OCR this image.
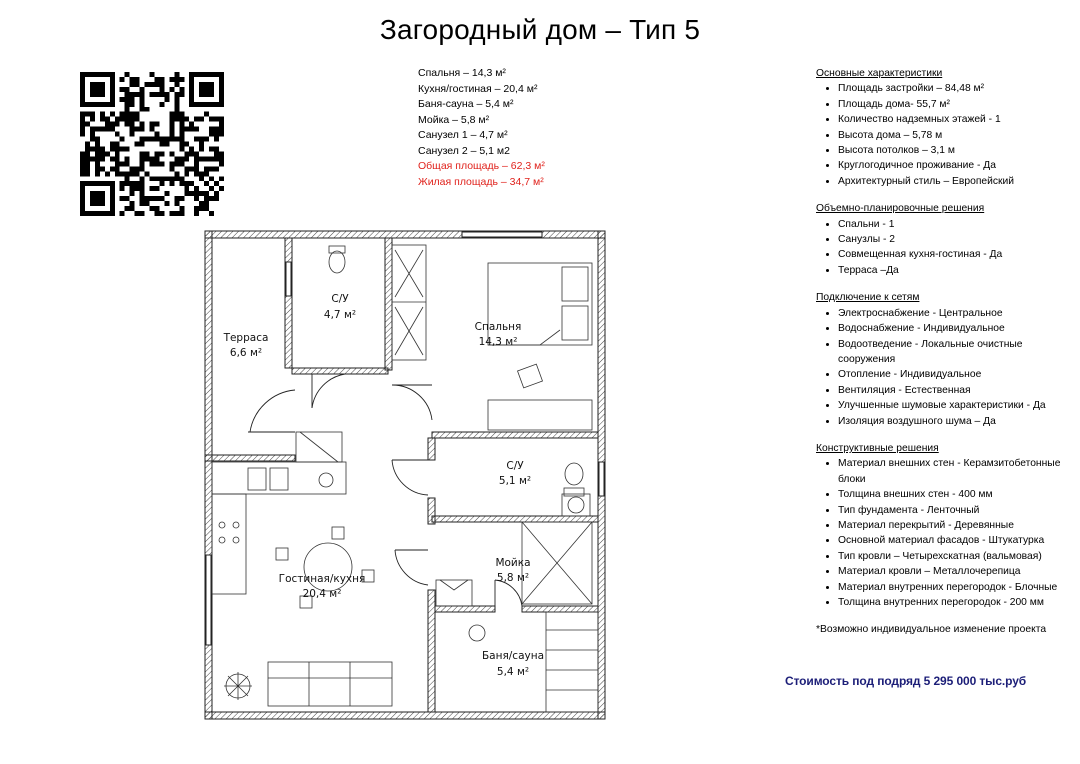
Загородный дом – Тип 5
Спальня – 14,3 м²
Кухня/гостиная – 20,4 м²
Баня-сауна – 5,4 м²
Мойка – 5,8 м²
Санузел 1 – 4,7 м²
Санузел 2 – 5,1 м2
Общая площадь – 62,3 м²
Жилая площадь – 34,7 м²
Основные характеристики
• Площадь застройки – 84,48 м²
• Площадь дома- 55,7 м²
• Количество надземных этажей - 1
• Высота дома – 5,78 м
• Высота потолков – 3,1 м
• Круглогодичное проживание - Да
• Архитектурный стиль – Европейский
Объемно-планировочные решения
• Спальни - 1
• Санузлы - 2
• Совмещенная кухня-гостиная - Да
• Терраса –Да
Подключение к сетям
• Электроснабжение - Центральное
• Водоснабжение - Индивидуальное
• Водоотведение - Локальные очистные сооружения
• Отопление - Индивидуальное
• Вентиляция - Естественная
• Улучшенные шумовые характеристики - Да
• Изоляция воздушного шума – Да
Конструктивные решения
• Материал внешних стен - Керамзитобетонные блоки
• Толщина внешних стен - 400 мм
• Тип фундамента - Ленточный
• Материал перекрытий - Деревянные
• Основной материал фасадов - Штукатурка
• Тип кровли – Четырехскатная (вальмовая)
• Материал кровли – Металлочерепица
• Материал внутренних перегородок - Блочные
• Толщина внутренних перегородок - 200 мм
*Возможно индивидуальное изменение проекта
Стоимость под подряд 5 295 000 тыс.руб
Терраса
6,6 м²
С/У
4,7 м²
Спальня
14,3 м²
С/У
5,1 м²
Гостиная/кухня
20,4 м²
Мойка
5,8 м²
Баня/сауна
5,4 м²
